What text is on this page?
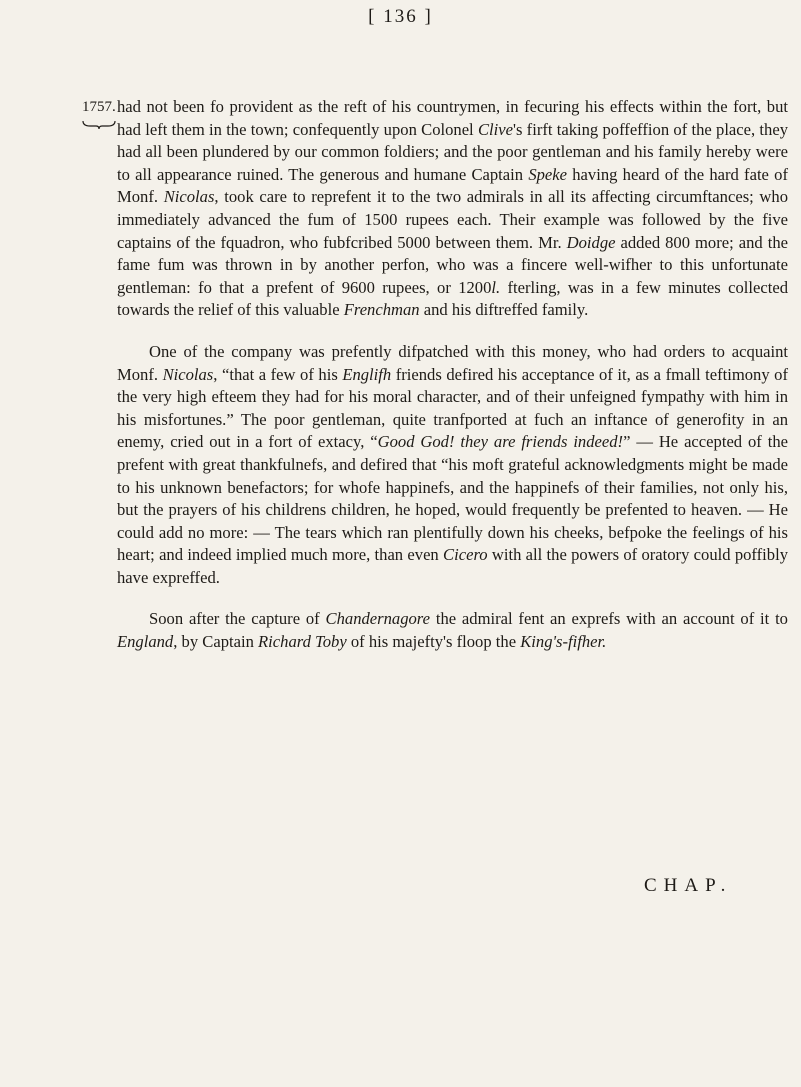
[ 136 ]
1757. had not been fo provident as the reft of his countrymen, in fecuring his effects within the fort, but had left them in the town; confequently upon Colonel Clive's firft taking poffeffion of the place, they had all been plundered by our common foldiers; and the poor gentleman and his family hereby were to all appearance ruined. The generous and humane Captain Speke having heard of the hard fate of Monf. Nicolas, took care to reprefent it to the two admirals in all its affecting circumftances; who immediately advanced the fum of 1500 rupees each. Their example was followed by the five captains of the fquadron, who fubfcribed 5000 between them. Mr. Doidge added 800 more; and the fame fum was thrown in by another perfon, who was a fincere well-wifher to this unfortunate gentleman: fo that a prefent of 9600 rupees, or 1200l. fterling, was in a few minutes collected towards the relief of this valuable Frenchman and his diftreffed family.

One of the company was prefently difpatched with this money, who had orders to acquaint Monf. Nicolas, “that a few of his Englifh friends defired his acceptance of it, as a fmall teftimony of the very high efteem they had for his moral character, and of their unfeigned fympathy with him in his misfortunes.” The poor gentleman, quite tranfported at fuch an inftance of generofity in an enemy, cried out in a fort of extacy, “Good God! they are friends indeed!” — He accepted of the prefent with great thankfulnefs, and defired that “his moft grateful acknowledgments might be made to his unknown benefactors; for whofe happinefs, and the happinefs of their families, not only his, but the prayers of his childrens children, he hoped, would frequently be prefented to heaven. — He could add no more: — The tears which ran plentifully down his cheeks, befpoke the feelings of his heart; and indeed implied much more, than even Cicero with all the powers of oratory could poffibly have expreffed.

Soon after the capture of Chandernagore the admiral fent an exprefs with an account of it to England, by Captain Richard Toby of his majefty's floop the King's-fifher.

CHAP.
